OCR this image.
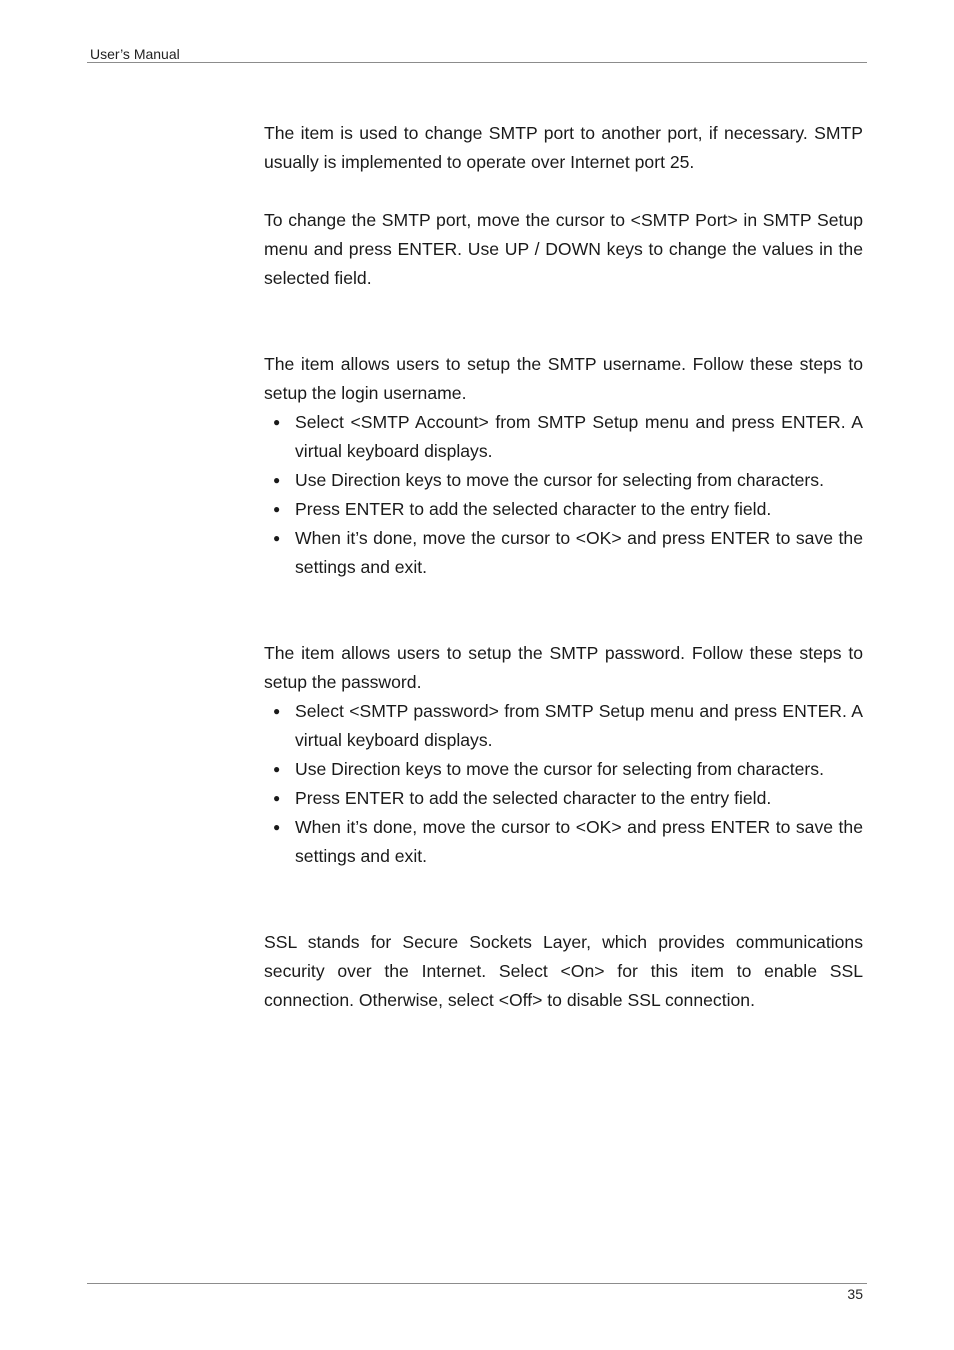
User’s Manual

The item is used to change SMTP port to another port, if necessary. SMTP usually is implemented to operate over Internet port 25.

To change the SMTP port, move the cursor to <SMTP Port> in SMTP Setup menu and press ENTER. Use UP / DOWN keys to change the values in the selected field.

The item allows users to setup the SMTP username. Follow these steps to setup the login username.

● Select <SMTP Account> from SMTP Setup menu and press ENTER. A virtual keyboard displays.
● Use Direction keys to move the cursor for selecting from characters.
● Press ENTER to add the selected character to the entry field.
● When it’s done, move the cursor to <OK> and press ENTER to save the settings and exit.

The item allows users to setup the SMTP password. Follow these steps to setup the password.

● Select <SMTP password> from SMTP Setup menu and press ENTER. A virtual keyboard displays.
● Use Direction keys to move the cursor for selecting from characters.
● Press ENTER to add the selected character to the entry field.
● When it’s done, move the cursor to <OK> and press ENTER to save the settings and exit.

SSL stands for Secure Sockets Layer, which provides communications security over the Internet. Select <On> for this item to enable SSL connection. Otherwise, select <Off> to disable SSL connection.

35
